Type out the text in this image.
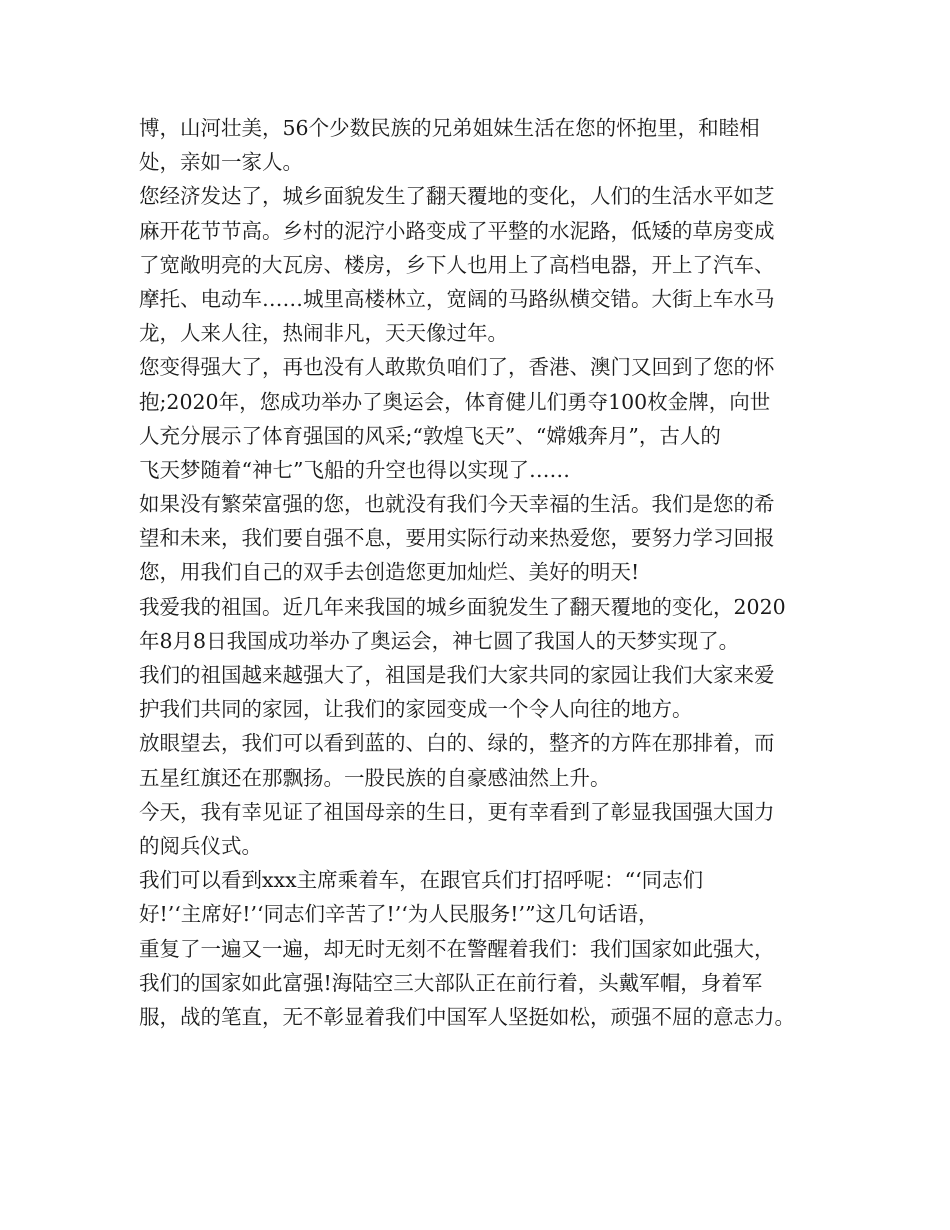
博，山河壮美，56个少数民族的兄弟姐妹生活在您的怀抱里，和睦相
处，亲如一家人。
您经济发达了，城乡面貌发生了翻天覆地的变化，人们的生活水平如芝
麻开花节节高。乡村的泥泞小路变成了平整的水泥路，低矮的草房变成
了宽敞明亮的大瓦房、楼房，乡下人也用上了高档电器，开上了汽车、
摩托、电动车……城里高楼林立，宽阔的马路纵横交错。大街上车水马
龙，人来人往，热闹非凡，天天像过年。
您变得强大了，再也没有人敢欺负咱们了，香港、澳门又回到了您的怀
抱;2020年，您成功举办了奥运会，体育健儿们勇夺100枚金牌，向世
人充分展示了体育强国的风采;“敦煌飞天”、“嫦娥奔月”，古人的
飞天梦随着“神七”飞船的升空也得以实现了……
如果没有繁荣富强的您，也就没有我们今天幸福的生活。我们是您的希
望和未来，我们要自强不息，要用实际行动来热爱您，要努力学习回报
您，用我们自己的双手去创造您更加灿烂、美好的明天!
我爱我的祖国。近几年来我国的城乡面貌发生了翻天覆地的变化，2020
年8月8日我国成功举办了奥运会，神七圆了我国人的天梦实现了。
我们的祖国越来越强大了，祖国是我们大家共同的家园让我们大家来爱
护我们共同的家园，让我们的家园变成一个令人向往的地方。
放眼望去，我们可以看到蓝的、白的、绿的，整齐的方阵在那排着，而
五星红旗还在那飘扬。一股民族的自豪感油然上升。
今天，我有幸见证了祖国母亲的生日，更有幸看到了彰显我国强大国力
的阅兵仪式。
我们可以看到xxx主席乘着车，在跟官兵们打招呼呢：“‘同志们
好!’‘主席好!’‘同志们辛苦了!’‘为人民服务!’”这几句话语，
重复了一遍又一遍，却无时无刻不在警醒着我们：我们国家如此强大，
我们的国家如此富强!海陆空三大部队正在前行着，头戴军帽，身着军
服，战的笔直，无不彰显着我们中国军人坚挺如松，顽强不屈的意志力。
